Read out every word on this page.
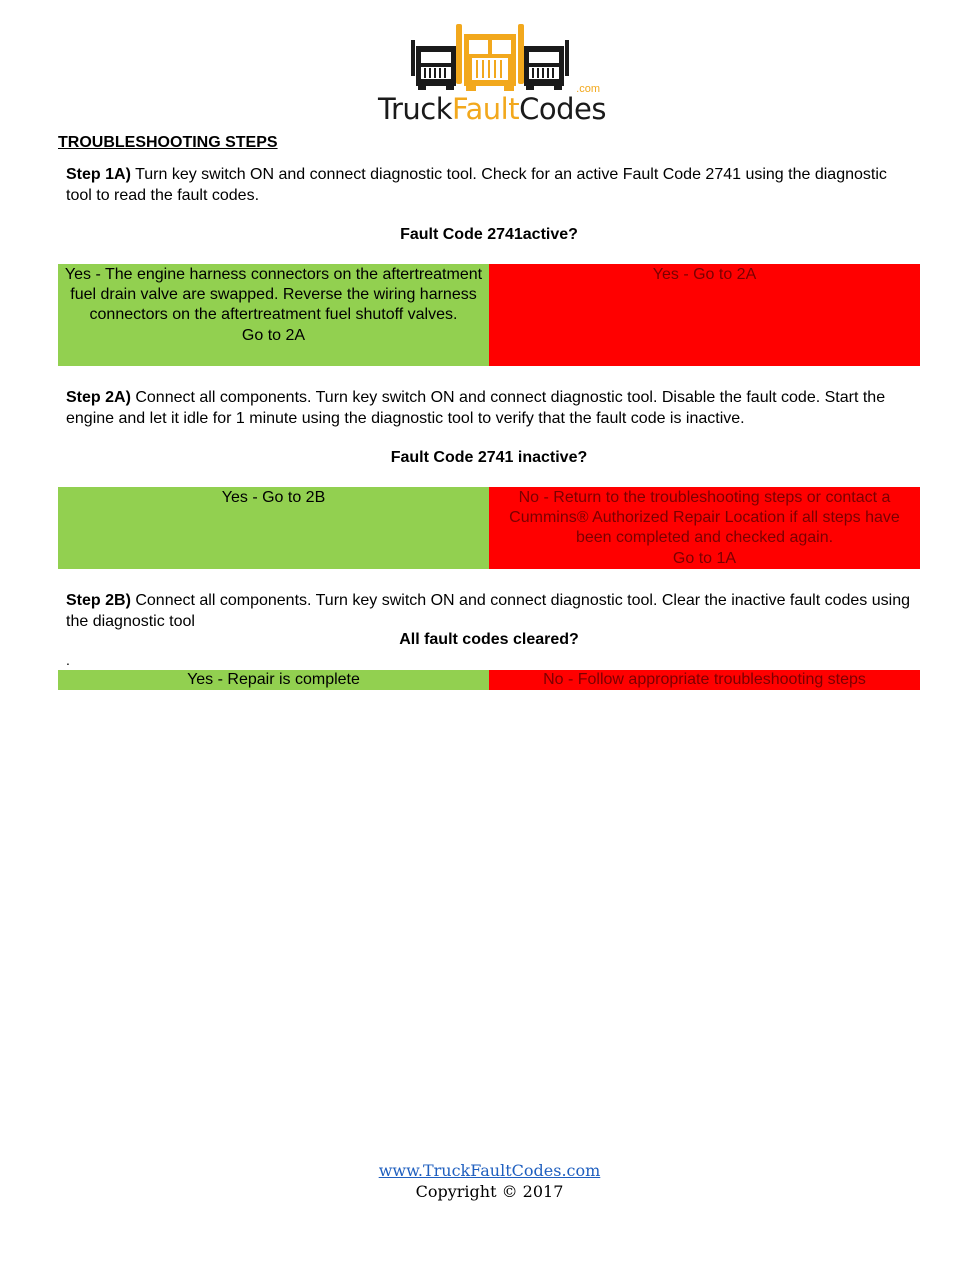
.com
TruckFaultCodes
TROUBLESHOOTING STEPS
Step 1A) Turn key switch ON and connect diagnostic tool. Check for an active Fault Code 2741 using the diagnostic tool to read the fault codes.
Fault Code 2741active?
Yes - The engine harness connectors on the aftertreatment fuel drain valve are swapped. Reverse the wiring harness connectors on the aftertreatment fuel shutoff valves.
Go to 2A
Yes - Go to 2A
Step 2A) Connect all components. Turn key switch ON and connect diagnostic tool. Disable the fault code. Start the engine and let it idle for 1 minute using the diagnostic tool to verify that the fault code is inactive.
Fault Code 2741 inactive?
Yes - Go to 2B	No - Return to the troubleshooting steps or contact a Cummins® Authorized Repair Location if all steps have been completed and checked again.
Go to 1A
Step 2B) Connect all components. Turn key switch ON and connect diagnostic tool. Clear the inactive fault codes using the diagnostic tool
All fault codes cleared?
.
Yes - Repair is complete	No - Follow appropriate troubleshooting steps
www.TruckFaultCodes.com
Copyright © 2017
